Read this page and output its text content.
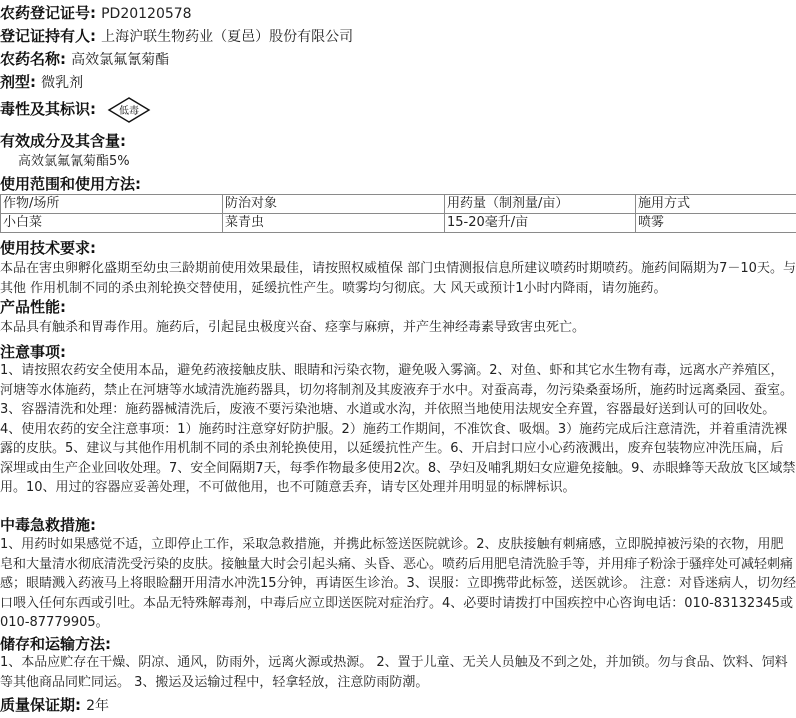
农药登记证号: PD20120578
登记证持有人: 上海沪联生物药业（夏邑）股份有限公司
农药名称: 高效氯氟氰菊酯
剂型: 微乳剂
毒性及其标识: 低毒
有效成分及其含量:
高效氯氟氰菊酯5%
使用范围和使用方法:
作物/场所	防治对象	用药量（制剂量/亩）	施用方式
小白菜	菜青虫	15-20毫升/亩	喷雾
使用技术要求:
本品在害虫卵孵化盛期至幼虫三龄期前使用效果最佳，请按照权威植保 部门虫情测报信息所建议喷药时期喷药。施药间隔期为7－10天。与其他 作用机制不同的杀虫剂轮换交替使用，延缓抗性产生。喷雾均匀彻底。大 风天或预计1小时内降雨，请勿施药。
产品性能:
本品具有触杀和胃毒作用。施药后，引起昆虫极度兴奋、痉挛与麻痹，并产生神经毒素导致害虫死亡。
注意事项:
1、请按照农药安全使用本品，避免药液接触皮肤、眼睛和污染衣物，避免吸入雾滴。2、对鱼、虾和其它水生物有毒，远离水产养殖区，河塘等水体施药，禁止在河塘等水域清洗施药器具，切勿将制剂及其废液弃于水中。对蚕高毒，勿污染桑蚕场所，施药时远离桑园、蚕室。3、容器清洗和处理：施药器械清洗后，废液不要污染池塘、水道或水沟，并依照当地使用法规安全弃置，容器最好送到认可的回收处。4、使用农药的安全注意事项：1）施药时注意穿好防护服。2）施药工作期间，不准饮食、吸烟。3）施药完成后注意清洗，并着重清洗裸露的皮肤。5、建议与其他作用机制不同的杀虫剂轮换使用，以延缓抗性产生。6、开启封口应小心药液溅出，废弃包装物应冲洗压扁，后深埋或由生产企业回收处理。7、安全间隔期7天，每季作物最多使用2次。8、孕妇及哺乳期妇女应避免接触。9、赤眼蜂等天敌放飞区域禁用。10、用过的容器应妥善处理，不可做他用，也不可随意丢弃，请专区处理并用明显的标牌标识。
中毒急救措施:
1、用药时如果感觉不适，立即停止工作，采取急救措施，并携此标签送医院就诊。2、皮肤接触有刺痛感，立即脱掉被污染的衣物，用肥皂和大量清水彻底清洗受污染的皮肤。接触量大时会引起头痛、头昏、恶心。喷药后用肥皂清洗脸手等，并用痱子粉涂于骚痒处可减轻刺痛感；眼睛溅入药液马上将眼睑翻开用清水冲洗15分钟，再请医生诊治。3、误服：立即携带此标签，送医就诊。 注意：对昏迷病人，切勿经口喂入任何东西或引吐。本品无特殊解毒剂，中毒后应立即送医院对症治疗。4、必要时请拨打中国疾控中心咨询电话：010-83132345或010-87779905。
储存和运输方法:
1、本品应贮存在干燥、阴凉、通风，防雨外，远离火源或热源。 2、置于儿童、无关人员触及不到之处，并加锁。勿与食品、饮料、饲料等其他商品同贮同运。 3、搬运及运输过程中，轻拿轻放，注意防雨防潮。
质量保证期: 2年
